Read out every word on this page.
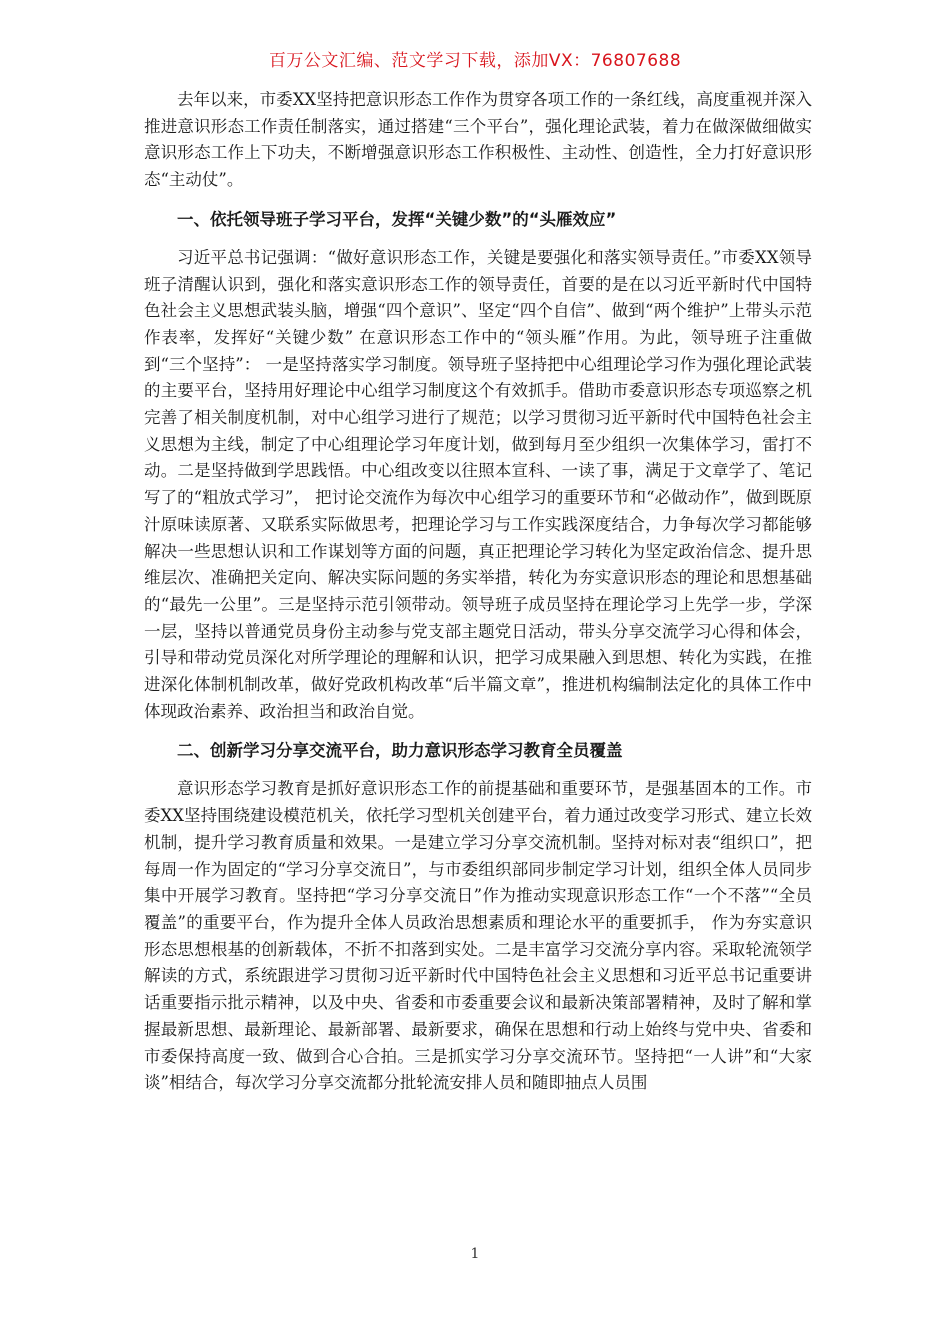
百万公文汇编、范文学习下载，添加VX：76807688

去年以来，市委XX坚持把意识形态工作作为贯穿各项工作的一条红线，高度重视并深入推进意识形态工作责任制落实，通过搭建“三个平台”，强化理论武装，着力在做深做细做实意识形态工作上下功夫，不断增强意识形态工作积极性、主动性、创造性，全力打好意识形态“主动仗”。

一、依托领导班子学习平台，发挥“关键少数”的“头雁效应”

习近平总书记强调：“做好意识形态工作，关键是要强化和落实领导责任。”市委XX领导班子清醒认识到，强化和落实意识形态工作的领导责任，首要的是在以习近平新时代中国特色社会主义思想武装头脑，增强“四个意识”、坚定“四个自信”、做到“两个维护”上带头示范作表率，发挥好“关键少数” 在意识形态工作中的“领头雁”作用。为此，领导班子注重做到“三个坚持”： 一是坚持落实学习制度。领导班子坚持把中心组理论学习作为强化理论武装的主要平台，坚持用好理论中心组学习制度这个有效抓手。借助市委意识形态专项巡察之机完善了相关制度机制，对中心组学习进行了规范；以学习贯彻习近平新时代中国特色社会主义思想为主线，制定了中心组理论学习年度计划，做到每月至少组织一次集体学习，雷打不动。二是坚持做到学思践悟。中心组改变以往照本宣科、一读了事，满足于文章学了、笔记写了的“粗放式学习”， 把讨论交流作为每次中心组学习的重要环节和“必做动作”，做到既原汁原味读原著、又联系实际做思考，把理论学习与工作实践深度结合，力争每次学习都能够解决一些思想认识和工作谋划等方面的问题，真正把理论学习转化为坚定政治信念、提升思维层次、准确把关定向、解决实际问题的务实举措，转化为夯实意识形态的理论和思想基础的“最先一公里”。三是坚持示范引领带动。领导班子成员坚持在理论学习上先学一步，学深一层，坚持以普通党员身份主动参与党支部主题党日活动，带头分享交流学习心得和体会，引导和带动党员深化对所学理论的理解和认识，把学习成果融入到思想、转化为实践，在推进深化体制机制改革，做好党政机构改革“后半篇文章”，推进机构编制法定化的具体工作中体现政治素养、政治担当和政治自觉。

二、创新学习分享交流平台，助力意识形态学习教育全员覆盖

意识形态学习教育是抓好意识形态工作的前提基础和重要环节，是强基固本的工作。市委XX坚持围绕建设模范机关，依托学习型机关创建平台，着力通过改变学习形式、建立长效机制，提升学习教育质量和效果。一是建立学习分享交流机制。坚持对标对表“组织口”，把每周一作为固定的“学习分享交流日”，与市委组织部同步制定学习计划，组织全体人员同步集中开展学习教育。坚持把“学习分享交流日”作为推动实现意识形态工作“一个不落”“全员覆盖”的重要平台，作为提升全体人员政治思想素质和理论水平的重要抓手， 作为夯实意识形态思想根基的创新载体，不折不扣落到实处。二是丰富学习交流分享内容。采取轮流领学解读的方式，系统跟进学习贯彻习近平新时代中国特色社会主义思想和习近平总书记重要讲话重要指示批示精神，以及中央、省委和市委重要会议和最新决策部署精神，及时了解和掌握最新思想、最新理论、最新部署、最新要求，确保在思想和行动上始终与党中央、省委和市委保持高度一致、做到合心合拍。三是抓实学习分享交流环节。坚持把“一人讲”和“大家谈”相结合，每次学习分享交流都分批轮流安排人员和随即抽点人员围

1
